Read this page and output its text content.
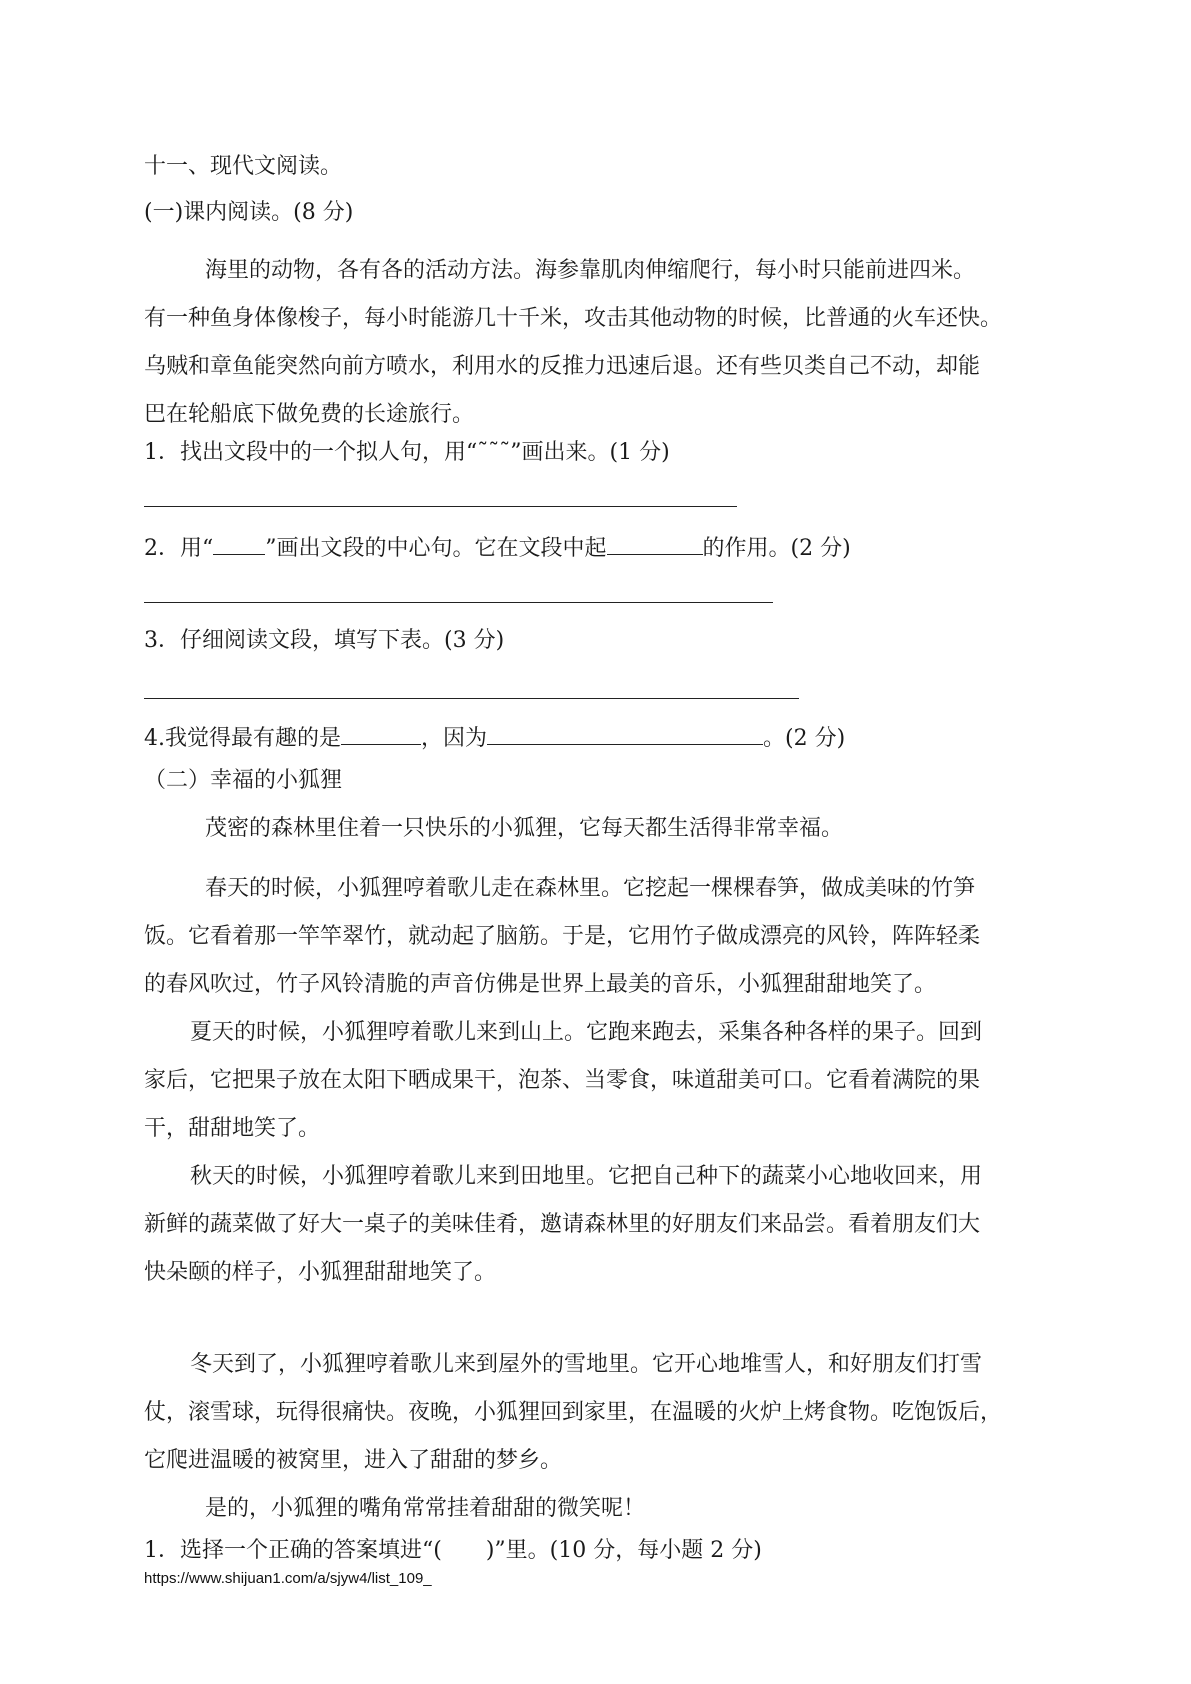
十一、现代文阅读。
(一)课内阅读。(8 分)
海里的动物，各有各的活动方法。海参靠肌肉伸缩爬行，每小时只能前进四米。
有一种鱼身体像梭子，每小时能游几十千米，攻击其他动物的时候，比普通的火车还快。
乌贼和章鱼能突然向前方喷水，利用水的反推力迅速后退。还有些贝类自己不动，却能
巴在轮船底下做免费的长途旅行。
1．找出文段中的一个拟人句，用“˜˜˜”画出来。(1 分)
2．用“ ”画出文段的中心句。它在文段中起	的作用。(2 分)
3．仔细阅读文段，填写下表。(3 分)
4.我觉得最有趣的是	，因为	。(2 分)
（二）幸福的小狐狸
茂密的森林里住着一只快乐的小狐狸，它每天都生活得非常幸福。
春天的时候，小狐狸哼着歌儿走在森林里。它挖起一棵棵春笋，做成美味的竹笋
饭。它看着那一竿竿翠竹，就动起了脑筋。于是，它用竹子做成漂亮的风铃，阵阵轻柔
的春风吹过，竹子风铃清脆的声音仿佛是世界上最美的音乐，小狐狸甜甜地笑了。
夏天的时候，小狐狸哼着歌儿来到山上。它跑来跑去，采集各种各样的果子。回到
家后，它把果子放在太阳下晒成果干，泡茶、当零食，味道甜美可口。它看着满院的果
干，甜甜地笑了。
秋天的时候，小狐狸哼着歌儿来到田地里。它把自己种下的蔬菜小心地收回来，用
新鲜的蔬菜做了好大一桌子的美味佳肴，邀请森林里的好朋友们来品尝。看着朋友们大
快朵颐的样子，小狐狸甜甜地笑了。
冬天到了，小狐狸哼着歌儿来到屋外的雪地里。它开心地堆雪人，和好朋友们打雪
仗，滚雪球，玩得很痛快。夜晚，小狐狸回到家里，在温暖的火炉上烤食物。吃饱饭后，
它爬进温暖的被窝里，进入了甜甜的梦乡。
是的，小狐狸的嘴角常常挂着甜甜的微笑呢！
1．选择一个正确的答案填进“(　　)”里。(10 分，每小题 2 分)
https://www.shijuan1.com/a/sjyw4/list_109_
